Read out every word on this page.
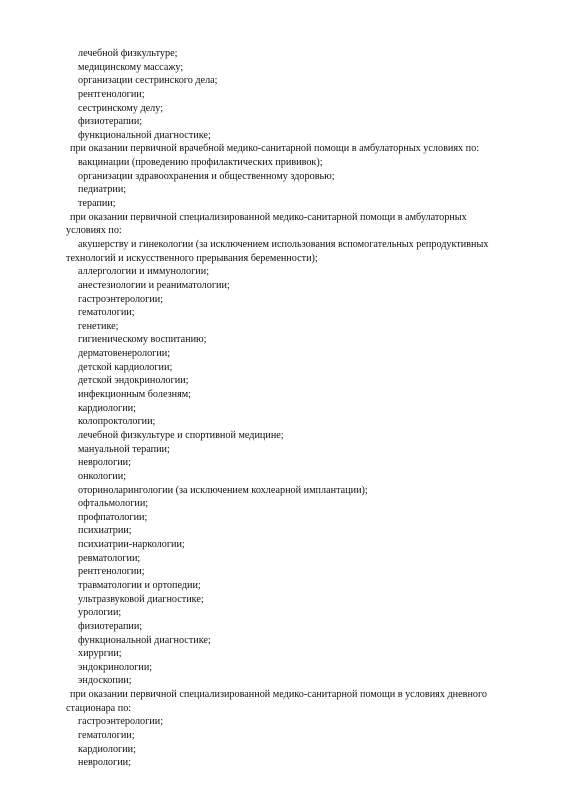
лечебной физкультуре;
медицинскому массажу;
организации сестринского дела;
рентгенологии;
сестринскому делу;
физиотерапии;
функциональной диагностике;
при оказании первичной врачебной медико-санитарной помощи в амбулаторных условиях по:
вакцинации (проведению профилактических прививок);
организации здравоохранения и общественному здоровью;
педиатрии;
терапии;
при оказании первичной специализированной медико-санитарной помощи в амбулаторных
условиях по:
акушерству и гинекологии (за исключением использования вспомогательных репродуктивных
технологий и искусственного прерывания беременности);
аллергологии и иммунологии;
анестезиологии и реаниматологии;
гастроэнтерологии;
гематологии;
генетике;
гигиеническому воспитанию;
дерматовенерологии;
детской кардиологии;
детской эндокринологии;
инфекционным болезням;
кардиологии;
колопроктологии;
лечебной физкультуре и спортивной медицине;
мануальной терапии;
неврологии;
онкологии;
оториноларингологии (за исключением кохлеарной имплантации);
офтальмологии;
профпатологии;
психиатрии;
психиатрии-наркологии;
ревматологии;
рентгенологии;
травматологии и ортопедии;
ультразвуковой диагностике;
урологии;
физиотерапии;
функциональной диагностике;
хирургии;
эндокринологии;
эндоскопии;
при оказании первичной специализированной медико-санитарной помощи в условиях дневного
стационара по:
гастроэнтерологии;
гематологии;
кардиологии;
неврологии;
